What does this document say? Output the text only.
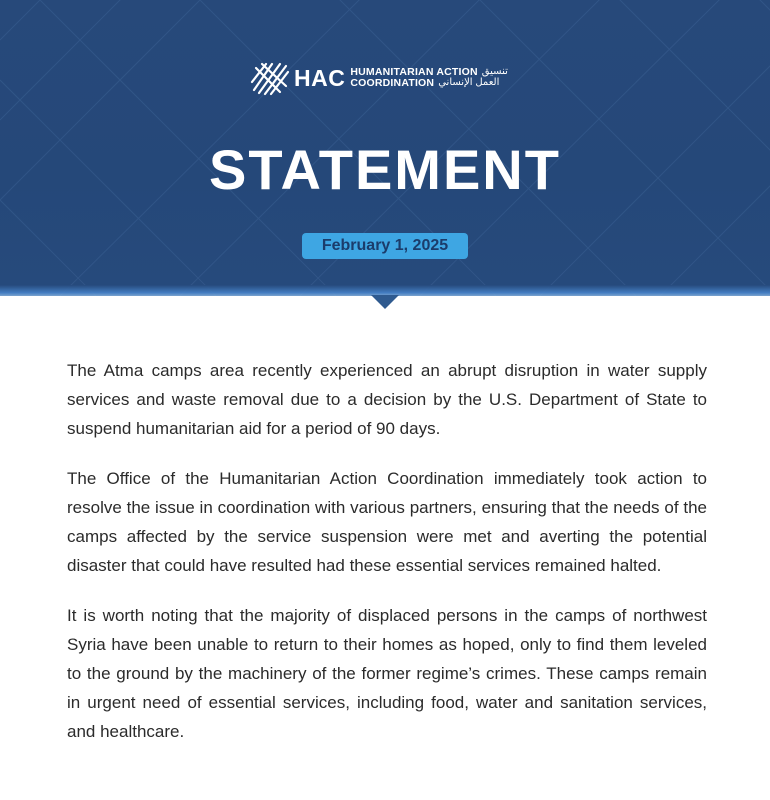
HAC HUMANITARIAN ACTION تنسيق
COORDINATION العمل الإنساني
STATEMENT
February 1, 2025

The Atma camps area recently experienced an abrupt disruption in water supply services and waste removal due to a decision by the U.S. Department of State to suspend humanitarian aid for a period of 90 days.

The Office of the Humanitarian Action Coordination immediately took action to resolve the issue in coordination with various partners, ensuring that the needs of the camps affected by the service suspension were met and averting the potential disaster that could have resulted had these essential services remained halted.

It is worth noting that the majority of displaced persons in the camps of northwest Syria have been unable to return to their homes as hoped, only to find them leveled to the ground by the machinery of the former regime’s crimes. These camps remain in urgent need of essential services, including food, water and sanitation services, and healthcare.
